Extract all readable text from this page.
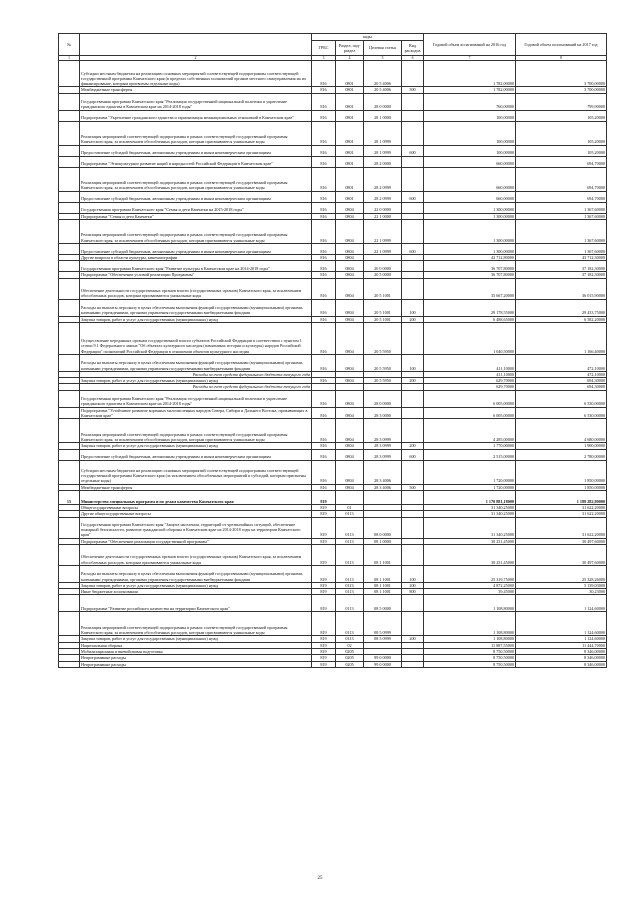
№		коды				Годовой объем ассигнований на 2016 год	Годовой объем ассигнований на 2017 год
		ГРБС	Раздел, под-раздел	Целевая статья	Вид расходов		
1	2	3	4	5	6	7	8
	Субсидии местным бюджетам на реализацию основных мероприятий соответствующей подпрограммы соответствующей государственной программы Камчатского края (в пределах собственных полномочий органов местного самоуправления на их финансирование, которым присвоены отдельные коды)	816	0801	20 5 4006		1 782,00000	3 700,00000
	Межбюджетные трансферты	816	0801	20 5 4006	500	1 782,00000	3 700,00000
	Государственная программа Камчатского края "Реализация государственной национальной политики и укрепление гражданского единства в Камчатском крае на 2014-2018 годы"	816	0801	28 0 0000		760,00000	799,90000
	Подпрограмма "Укрепление гражданского единства и гармонизация межнациональных отношений в Камчатском крае"	816	0801	28 1 0000		100,00000	105,20000
	Реализация мероприятий соответствующей подпрограммы в рамках соответствующей государственной программы Камчатского края, за исключением обособленных расходов, которым присваиваются уникальные коды	816	0801	28 1 0999		100,00000	105,20000
	Предоставление субсидий бюджетным, автономным учреждениям и иным некоммерческим организациям	816	0801	28 1 0999	600	100,00000	105,20000
	Подпрограмма "Этнокультурное развитие наций и народностей Российской Федерации в Камчатском крае"	816	0801	28 2 0000		660,00000	694,70000
	Реализация мероприятий соответствующей подпрограммы в рамках соответствующей государственной программы Камчатского края, за исключением обособленных расходов, которым присваиваются уникальные коды	816	0801	28 2 0999		660,00000	694,70000
	Предоставление субсидий бюджетным, автономным учреждениям и иным некоммерческим организациям	816	0801	28 2 0999	600	660,00000	694,70000
	Государственная программа Камчатского края "Семья и дети Камчатки на 2015-2018 годы"	816	0804	22 0 0000		1 300,00000	1 367,60000
	Подпрограмма "Семья и дети Камчатки"	816	0804	22 1 0000		1 300,00000	1 367,60000
	Реализация мероприятий соответствующей подпрограммы в рамках соответствующей государственной программы Камчатского края, за исключением обособленных расходов, которым присваиваются уникальные коды	816	0804	22 1 0999		1 300,00000	1 367,60000
	Предоставление субсидий бюджетным, автономным учреждениям и иным некоммерческим организациям	816	0804	22 1 0999	600	1 300,00000	1 367,60000
	Другие вопросы в области культуры, кинематографии	816	0804			42 712,80000	43 712,30000
	Государственная программа Камчатского края "Развитие культуры в Камчатском крае на 2014-2018 годы"	816	0804	20 0 0000		36 707,80000	37 182,30000
	Подпрограмма "Обеспечение условий реализации Программы"	816	0804	20 5 0000		36 707,80000	37 182,30000
	Обеспечение деятельности государственных органов власти (государственных органов) Камчатского края, за исключением обособленных расходов, которым присваиваются уникальные коды	816	0804	20 5 1001		35 667,20000	36 015,90000
	Расходы на выплаты персоналу в целях обеспечения выполнения функций государственными (муниципальными) органами, казенными учреждениями, органами управления государственными внебюджетными фондами	816	0804	20 5 1001	100	29 178,55000	29 433,75000
	Закупка товаров, работ и услуг для государственных (муниципальных) нужд	816	0804	20 5 1001	200	6 488,65000	6 582,20000
	Осуществление переданных органам государственной власти субъектов Российской Федерации в соответствии с пунктом 1 статьи 9.1 Федерального закона "Об объектах культурного наследия (памятниках истории и культуры) народов Российской Федерации" полномочий Российской Федерации в отношении объектов культурного наследия	816	0804	20 5 5950		1 040,50000	1 166,40000
	Расходы на выплаты персоналу в целях обеспечения выполнения функций государственными (муниципальными) органами, казенными учреждениями, органами управления государственными внебюджетными фондами	816	0804	20 5 5950	100	411,10000	472,10000
	Расходы за счет средств федерального бюджета текущего года					411,10000	472,10000
	Закупка товаров, работ и услуг для государственных (муниципальных) нужд	816	0804	20 5 5950	200	629,70000	694,30000
	Расходы за счет средств федерального бюджета текущего года					629,70000	694,30000
	Государственная программа Камчатского края "Реализация государственной национальной политики и укрепление гражданского единства в Камчатском крае на 2014-2018 годы"	816	0804	28 0 0000		6 005,00000	6 530,00000
	Подпрограмма "Устойчивое развитие коренных малочисленных народов Севера, Сибири и Дальнего Востока, проживающих в Камчатском крае"	816	0804	28 3 0000		6 005,00000	6 530,00000
	Реализация мероприятий соответствующей подпрограммы в рамках соответствующей государственной программы Камчатского края, за исключением обособленных расходов, которым присваиваются уникальные коды	816	0804	28 3 0999		4 285,00000	4 680,00000
	Закупка товаров, работ и услуг для государственных (муниципальных) нужд	816	0804	28 3 0999	200	1 770,00000	1 900,00000
	Предоставление субсидий бюджетным, автономным учреждениям и иным некоммерческим организациям	816	0804	28 3 0999	600	2 515,00000	2 780,00000
	Субсидии местным бюджетам на реализацию основных мероприятий соответствующей подпрограммы соответствующей государственной программы Камчатского края (за исключением обособленных мероприятий и субсидий, которым присвоены отдельные коды)	816	0804	28 3 4006		1 720,00000	1 850,00000
	Межбюджетные трансферты	816	0804	28 3 4006	500	1 720,00000	1 850,00000
15	Министерство специальных программ и по делам казачества Камчатского края	819				1 170 881,18000	1 188 282,80000
	Общегосударственные вопросы	819	01			31 340,25000	31 622,20000
	Другие общегосударственные вопросы	819	0113			31 340,25000	31 622,20000
	Государственная программа Камчатского края "Защита населения, территорий от чрезвычайных ситуаций, обеспечение пожарной безопасности, развитие гражданской обороны в Камчатском крае на 2014-2018 годы на территории Камчатского края"	819	0113	08 0 0000		31 340,25000	31 622,20000
	Подпрограмма "Обеспечение реализации государственной программы"	819	0113	08 1 0000		30 231,45000	30 497,60000
	Обеспечение деятельности государственных органов власти (государственных органов) Камчатского края, за исключением обособленных расходов, которым присваиваются уникальные коды	819	0113	08 1 1001		30 231,45000	30 497,60000
	Расходы на выплаты персоналу в целях обеспечения выполнения функций государственными (муниципальными) органами, казенными учреждениями, органами управления государственными внебюджетными фондами	819	0113	08 1 1001	100	25 319,75000	25 328,26000
	Закупка товаров, работ и услуг для государственных (муниципальных) нужд	819	0113	08 1 1001	200	4 872,25000	5 139,03000
	Иные бюджетные ассигнования	819	0113	08 1 1001	800	39,45000	30,23000
	Подпрограмма "Развитие российского казачества на территории Камчатского края"	819	0113	08 5 0000		1 108,80000	1 124,60000
	Реализация мероприятий соответствующей подпрограммы в рамках соответствующей государственной программы Камчатского края, за исключением обособленных расходов, которым присваиваются уникальные коды	819	0113	08 5 0999		1 108,80000	1 124,60000
	Закупка товаров, работ и услуг для государственных (муниципальных) нужд	819	0113	08 5 0999	200	1 108,80000	1 124,60000
	Национальная оборона	819	02			11 887,55000	11 444,70000
	Мобилизационная и вневойсковая подготовка	819	0205			8 750,50000	8 346,00000
	Непрограммные расходы	819	0205	99 0 0000		8 750,50000	8 346,00000
	Непрограммные расходы	819	0205	99 0 0000		8 750,50000	8 346,00000
25
